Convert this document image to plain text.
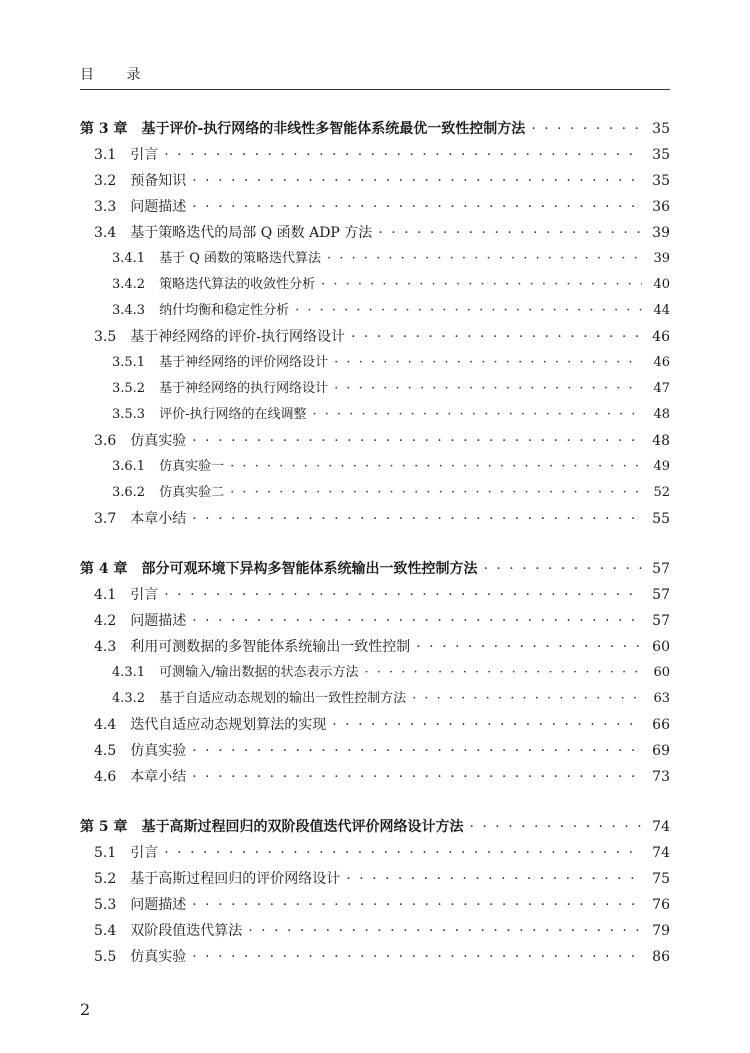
目 录
第 3 章	基于评价-执行网络的非线性多智能体系统最优一致性控制方法 · · ·	35
3.1	引言 · · ·	35
3.2	预备知识 · · ·	35
3.3	问题描述 · · ·	36
3.4	基于策略迭代的局部 Q 函数 ADP 方法 · · ·	39
3.4.1	基于 Q 函数的策略迭代算法 · · ·	39
3.4.2	策略迭代算法的收敛性分析 · · ·	40
3.4.3	纳什均衡和稳定性分析 · · ·	44
3.5	基于神经网络的评价-执行网络设计 · · ·	46
3.5.1	基于神经网络的评价网络设计 · · ·	46
3.5.2	基于神经网络的执行网络设计 · · ·	47
3.5.3	评价-执行网络的在线调整 · · ·	48
3.6	仿真实验 · · ·	48
3.6.1	仿真实验一 · · ·	49
3.6.2	仿真实验二 · · ·	52
3.7	本章小结 · · ·	55
第 4 章	部分可观环境下异构多智能体系统输出一致性控制方法 · · ·	57
4.1	引言 · · ·	57
4.2	问题描述 · · ·	57
4.3	利用可测数据的多智能体系统输出一致性控制 · · ·	60
4.3.1	可测输入/输出数据的状态表示方法 · · ·	60
4.3.2	基于自适应动态规划的输出一致性控制方法 · · ·	63
4.4	迭代自适应动态规划算法的实现 · · ·	66
4.5	仿真实验 · · ·	69
4.6	本章小结 · · ·	73
第 5 章	基于高斯过程回归的双阶段值迭代评价网络设计方法 · · ·	74
5.1	引言 · · ·	74
5.2	基于高斯过程回归的评价网络设计 · · ·	75
5.3	问题描述 · · ·	76
5.4	双阶段值迭代算法 · · ·	79
5.5	仿真实验 · · ·	86
2
